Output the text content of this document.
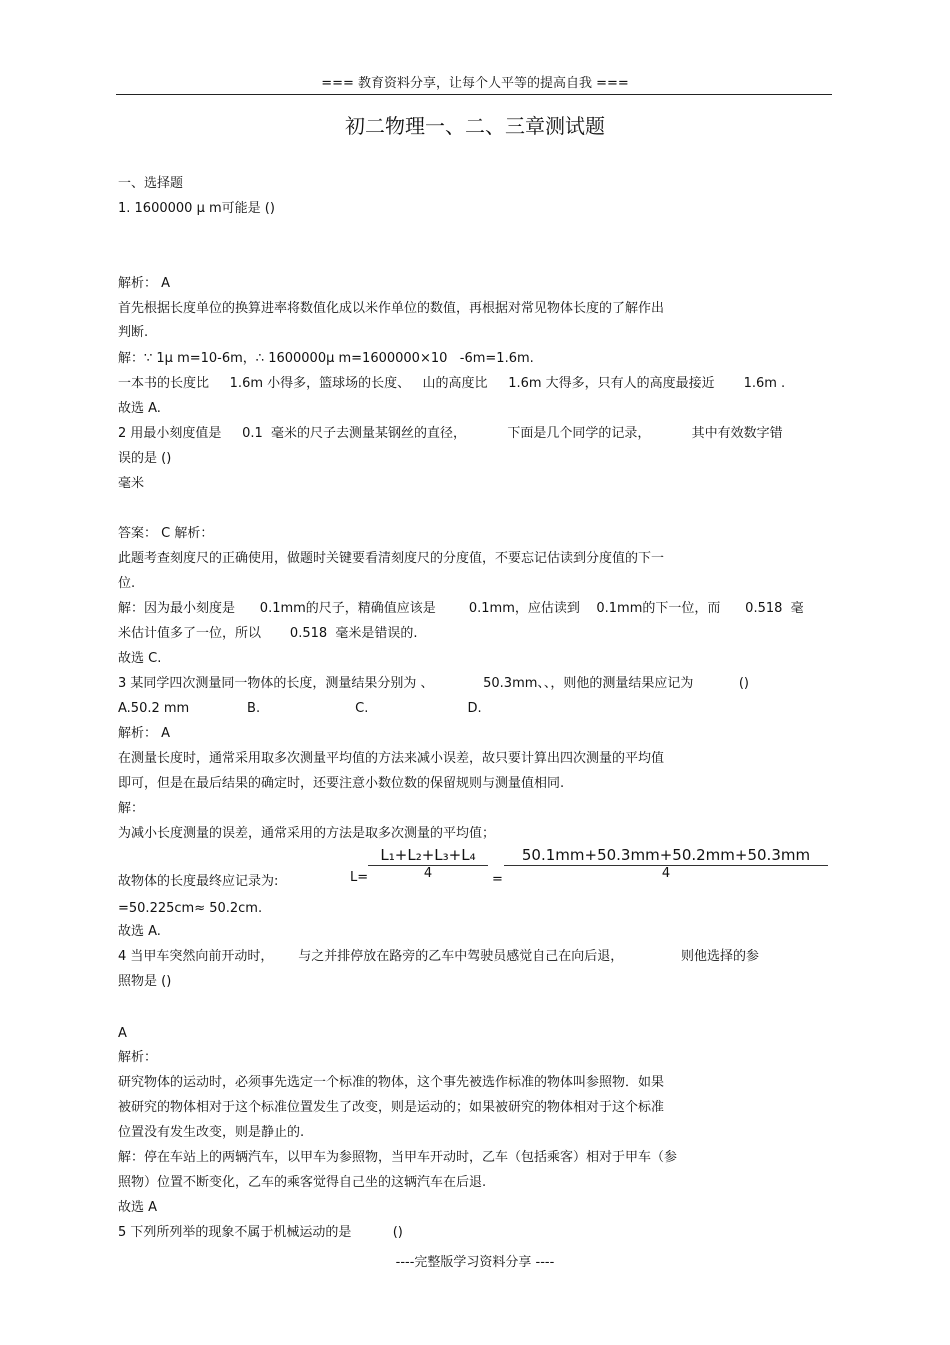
=== 教育资料分享，让每个人平等的提高自我 ===
初二物理一、二、三章测试题
一、选择题
1. 1600000 μ m可能是 ()
解析： A
首先根据长度单位的换算进率将数值化成以米作单位的数值，再根据对常见物体长度的了解作出
判断.
解：∵ 1μ m=10-6m，∴ 1600000μ m=1600000×10   -6m=1.6m.
一本书的长度比     1.6m 小得多，篮球场的长度、   山的高度比     1.6m 大得多，只有人的高度最接近       1.6m .
故选 A.
2 用最小刻度值是     0.1  毫米的尺子去测量某钢丝的直径，          下面是几个同学的记录，          其中有效数字错
误的是 ()
毫米
答案： C 解析：
此题考查刻度尺的正确使用，做题时关键要看清刻度尺的分度值，不要忘记估读到分度值的下一
位.
解：因为最小刻度是      0.1mm的尺子，精确值应该是        0.1mm，应估读到    0.1mm的下一位，而      0.518  毫
米估计值多了一位，所以       0.518  毫米是错误的.
故选 C.
3 某同学四次测量同一物体的长度，测量结果分别为 、            50.3mm、、，则他的测量结果应记为           ()
A.50.2 mm              B.                       C.                        D.
解析： A
在测量长度时，通常采用取多次测量平均值的方法来减小误差，故只要计算出四次测量的平均值
即可，但是在最后结果的确定时，还要注意小数位数的保留规则与测量值相同.
解：
为减小长度测量的误差，通常采用的方法是取多次测量的平均值；
=50.225cm≈ 50.2cm.
故选 A.
4 当甲车突然向前开动时，      与之并排停放在路旁的乙车中驾驶员感觉自己在向后退，              则他选择的参
照物是 ()
A
解析：
研究物体的运动时，必须事先选定一个标准的物体，这个事先被选作标准的物体叫参照物．如果
被研究的物体相对于这个标准位置发生了改变，则是运动的；如果被研究的物体相对于这个标准
位置没有发生改变，则是静止的.
解：停在车站上的两辆汽车，以甲车为参照物，当甲车开动时，乙车（包括乘客）相对于甲车（参
照物）位置不断变化，乙车的乘客觉得自己坐的这辆汽车在后退.
故选 A
5 下列所列举的现象不属于机械运动的是          ()
故物体的长度最终应记录为:	L=
L₁+L₂+L₃+L₄
4	=
50.1mm+50.3mm+50.2mm+50.3mm
4
----完整版学习资料分享 ----
